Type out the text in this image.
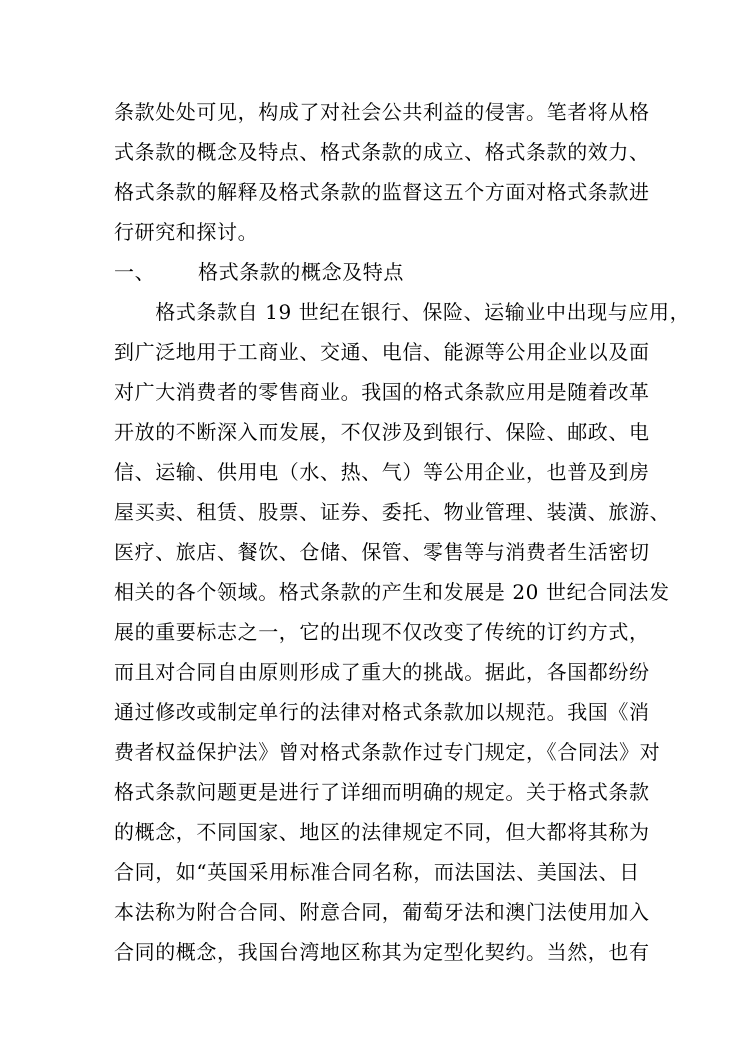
条款处处可见，构成了对社会公共利益的侵害。笔者将从格
式条款的概念及特点、格式条款的成立、格式条款的效力、
格式条款的解释及格式条款的监督这五个方面对格式条款进
行研究和探讨。
一、 格式条款的概念及特点
　　格式条款自 19 世纪在银行、保险、运输业中出现与应用，
到广泛地用于工商业、交通、电信、能源等公用企业以及面
对广大消费者的零售商业。我国的格式条款应用是随着改革
开放的不断深入而发展，不仅涉及到银行、保险、邮政、电
信、运输、供用电（水、热、气）等公用企业，也普及到房
屋买卖、租赁、股票、证券、委托、物业管理、装潢、旅游、
医疗、旅店、餐饮、仓储、保管、零售等与消费者生活密切
相关的各个领域。格式条款的产生和发展是 20 世纪合同法发
展的重要标志之一，它的出现不仅改变了传统的订约方式，
而且对合同自由原则形成了重大的挑战。据此，各国都纷纷
通过修改或制定单行的法律对格式条款加以规范。我国《消
费者权益保护法》曾对格式条款作过专门规定，《合同法》对
格式条款问题更是进行了详细而明确的规定。关于格式条款
的概念，不同国家、地区的法律规定不同，但大都将其称为
合同，如“英国采用标准合同名称，而法国法、美国法、日
本法称为附合合同、附意合同，葡萄牙法和澳门法使用加入
合同的概念，我国台湾地区称其为定型化契约。当然，也有
